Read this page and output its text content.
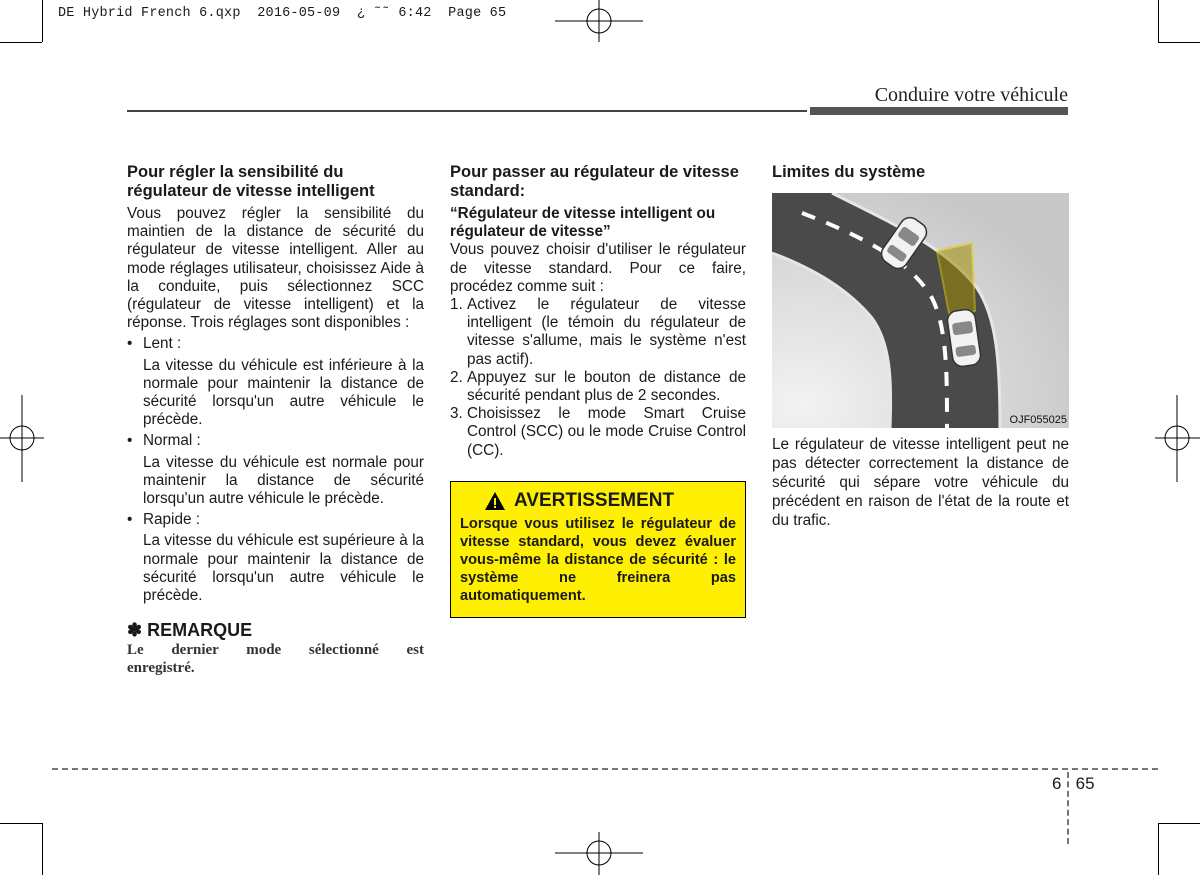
DE Hybrid French 6.qxp  2016-05-09  ¿ ˜˜ 6:42  Page 65
Conduire votre véhicule
Pour régler la sensibilité du régulateur de vitesse intelligent

Vous pouvez régler la sensibilité du maintien de la distance de sécurité du régulateur de vitesse intelligent. Aller au mode réglages utilisateur, choisissez Aide à la conduite, puis sélectionnez SCC (régulateur de vitesse intelligent) et la réponse. Trois réglages sont disponibles :

• Lent :

La vitesse du véhicule est inférieure à la normale pour maintenir la distance de sécurité lorsqu'un autre véhicule le précède.

• Normal :

La vitesse du véhicule est normale pour maintenir la distance de sécurité lorsqu'un autre véhicule le précède.

• Rapide :

La vitesse du véhicule est supérieure à la normale pour maintenir la distance de sécurité lorsqu'un autre véhicule le précède.

✽ REMARQUE

Le dernier mode sélectionné est enregistré.

Pour passer au régulateur de vitesse standard:

“Régulateur de vitesse intelligent ou régulateur de vitesse”

Vous pouvez choisir d'utiliser le régulateur de vitesse standard. Pour ce faire, procédez comme suit :

1. Activez le régulateur de vitesse intelligent (le témoin du régulateur de vitesse s'allume, mais le système n'est pas actif).
2. Appuyez sur le bouton de distance de sécurité pendant plus de 2 secondes.
3. Choisissez le mode Smart Cruise Control (SCC) ou le mode Cruise Control (CC).
AVERTISSEMENT

Lorsque vous utilisez le régulateur de vitesse standard, vous devez évaluer vous-même la distance de sécurité : le système ne freinera pas automatiquement.

Limites du système
OJF055025

Le régulateur de vitesse intelligent peut ne pas détecter correctement la distance de sécurité qui sépare votre véhicule du précédent en raison de l'état de la route et du trafic.

6 65
